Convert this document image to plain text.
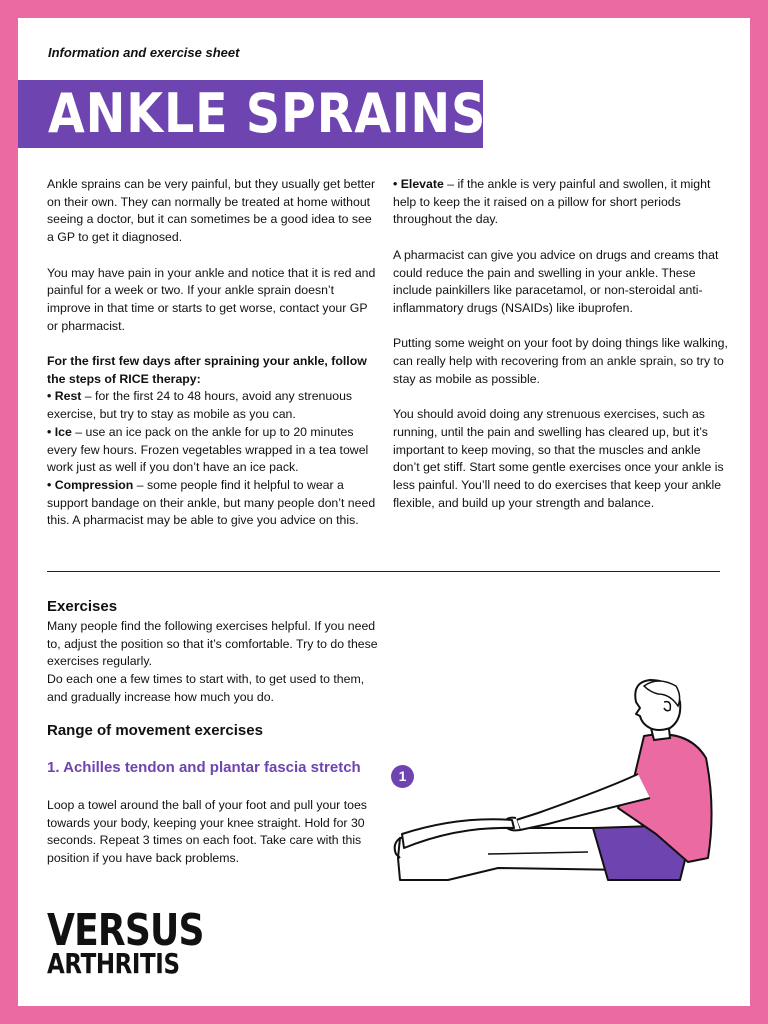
Information and exercise sheet
ANKLE SPRAINS

Ankle sprains can be very painful, but they usually get better on their own. They can normally be treated at home without seeing a doctor, but it can sometimes be a good idea to see a GP to get it diagnosed.

You may have pain in your ankle and notice that it is red and painful for a week or two. If your ankle sprain doesn’t improve in that time or starts to get worse, contact your GP or pharmacist.

For the first few days after spraining your ankle, follow the steps of RICE therapy:
• Rest – for the first 24 to 48 hours, avoid any strenuous exercise, but try to stay as mobile as you can.
• Ice – use an ice pack on the ankle for up to 20 minutes every few hours. Frozen vegetables wrapped in a tea towel work just as well if you don’t have an ice pack.
• Compression – some people find it helpful to wear a support bandage on their ankle, but many people don’t need this. A pharmacist may be able to give you advice on this.

• Elevate – if the ankle is very painful and swollen, it might help to keep the it raised on a pillow for short periods throughout the day.

A pharmacist can give you advice on drugs and creams that could reduce the pain and swelling in your ankle. These include painkillers like paracetamol, or non-steroidal anti-inflammatory drugs (NSAIDs) like ibuprofen.

Putting some weight on your foot by doing things like walking, can really help with recovering from an ankle sprain, so try to stay as mobile as possible.

You should avoid doing any strenuous exercises, such as running, until the pain and swelling has cleared up, but it’s important to keep moving, so that the muscles and ankle don’t get stiff. Start some gentle exercises once your ankle is less painful. You’ll need to do exercises that keep your ankle flexible, and build up your strength and balance.

Exercises

Many people find the following exercises helpful. If you need to, adjust the position so that it’s comfortable. Try to do these exercises regularly.

Do each one a few times to start with, to get used to them, and gradually increase how much you do.

Range of movement exercises
1. Achilles tendon and plantar fascia stretch

Loop a towel around the ball of your foot and pull your toes towards your body, keeping your knee straight. Hold for 30 seconds. Repeat 3 times on each foot. Take care with this position if you have back problems.

1
VERSUS
ARTHRITIS
